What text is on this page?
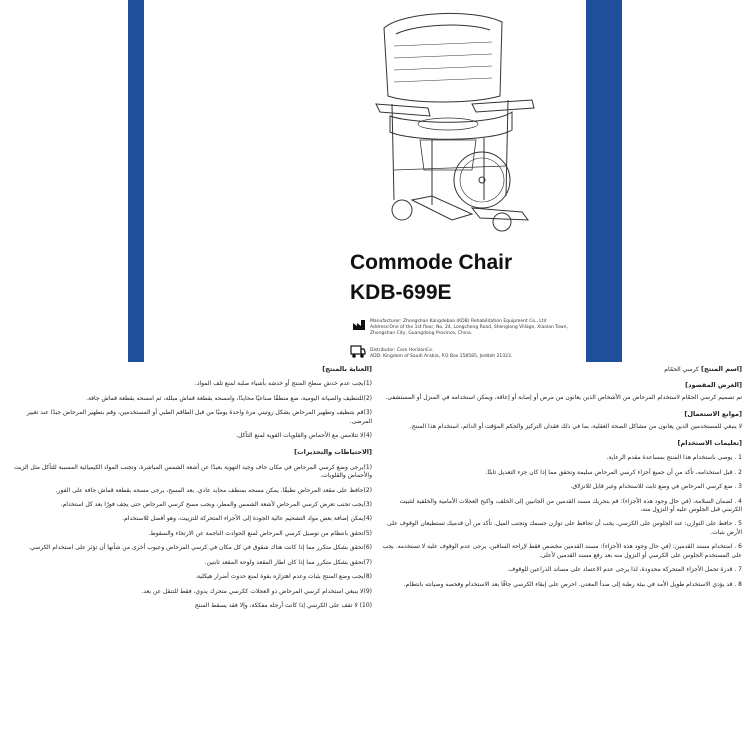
Commode Chair
KDB-699E
Manufacturer: Zhongshan Kangdebao (KDB) Rehabilitation Equipment Co., Ltd
Address:One of the 1st floor, No. 24, Longcheng Road, Shenglong Village, Xiaolan Town,
Zhongshan City, Guangdong Province, China.
Distributor: Care HorizonCo.
ADD: Kingdom of Saudi Arabia, P.O Box 158585, Jeddah 21323.
[العناية بالمنتج]

(1)يجب عدم خدش سطح المنتج أو خدشه بأشياء صلبة لمنع تلف المواد.

(2)للتنظيف والصيانة اليومية، ضع منظفًا صناعيًا محايدًا، وامسحه بقطعة قماش مبللة، ثم امسحه بقطعة قماش جافة.

(3)قم بتنظيف وتطهير المرحاض بشكل روتيني مرة واحدة يوميًا من قبل الطاقم الطبي أو المستخدمين، وقم بتطهير المرحاض جيدًا عند تغيير المرضى.

(4)لا تتلامس مع الأحماض والقلويات القوية لمنع التآكل.

[الاحتياطات والتحذيرات]

(1)يرجى وضع كرسي المرحاض في مكان جاف وجيد التهوية بعيدًا عن أشعة الشمس المباشرة، وتجنب المواد الكيميائية المسببة للتآكل مثل الزيت والأحماض والقلويات.

(2)حافظ على مقعد المرحاض نظيفًا. يمكن مسحه بمنظف محايد عادي. بعد المسح، يرجى مسحه بقطعة قماش جافة على الفور.

(3)يجب تجنب تعرض كرسي المرحاض لأشعة الشمس والمطر، ويجب مسح كرسي المرحاض حتى يجف فورًا بعد كل استخدام.

(4)يمكن إضافة بعض مواد التشحيم عالية الجودة إلى الأجزاء المتحركة للتزييت، وهو أفضل للاستخدام.

(5)تحقق بانتظام من توصيل كرسي المرحاض لمنع الحوادث الناجمة عن الارتخاء والسقوط.

(6)تحقق بشكل متكرر مما إذا كانت هناك شقوق في كل مكان في كرسي المرحاض وعيوب أخرى من شأنها أن تؤثر على استخدام الكرسي.

(7)تحقق بشكل متكرر مما إذا كان اطار المقعد ولوحة المقعد ثابتين.

(8)يجب وضع المنتج بثبات وعدم اهتزازه بقوة لمنع حدوث أضرار هيكلية.

(9)لا ينبغي استخدام كرسي المرحاض ذو العجلات ككرسي متحرك يدوي، فقط للتنقل عن بعد.

(10) لا تقف على الكرسي إذا كانت أرجله مفككة، وإلا فقد يسقط المنتج

[اسم المنتج] كرسي الحمّام
[الغرض المقصود]

تم تصميم كرسي الحمّام لاستخدام المرحاض من الأشخاص الذين يعانون من مرض أو إصابة أو إعاقة، ويمكن استخدامه في المنزل أو المستشفى.

[موانع الاستعمال]

لا ينبغي للمستخدمين الذين يعانون من مشاكل الصحة العقلية، بما في ذلك فقدان التركيز والحكم المؤقت أو الدائم، استخدام هذا المنتج.

[تعليمات الاستخدام]

1 . يوصى باستخدام هذا المنتج بمساعدة مقدم الرعاية.

2 . قبل استخدامه، تأكد من أن جميع أجزاء كرسي المرحاض سليمة وتحقق مما إذا كان جزء التعديل ثابتًا.

3 . ضع كرسي المرحاض في وضع ثابت للاستخدام وغير قابل للانزلاق.

4 . لضمان السلامة، (في حال وجود هذه الأجزاء): قم بتحريك مسند القدمين من الجانبين إلى الخلف، واكبح العجلات الأمامية والخلفية لتثبيت الكرسي قبل الجلوس عليه أو النزول منه.

5 . حافظ على التوازن: عند الجلوس على الكرسي، يجب أن تحافظ على توازن جسمك وتجنب الميل. تأكد من أن قدميك تستطيعان الوقوف على الأرض بثبات.

6 . استخدام مسند القدمين: (في حال وجود هذه الأجزاء): مسند القدمين مخصص فقط لإراحة الساقين. يرجى عدم الوقوف عليه لا تستخدمه. يجب على المستخدم الجلوس على الكرسي أو النزول منه بعد رفع مسند القدمين لأعلى.

7 . قدرة تحمل الأجزاء المتحركة محدودة، لذا يرجى عدم الاعتماد على مساند الذراعين للوقوف.

8 . قد يؤدي الاستخدام طويل الأمد في بيئة رطبة إلى صدأ المعدن. احرص على إبقاء الكرسي جافًا بعد الاستخدام وفحصه وصيانته بانتظام.
